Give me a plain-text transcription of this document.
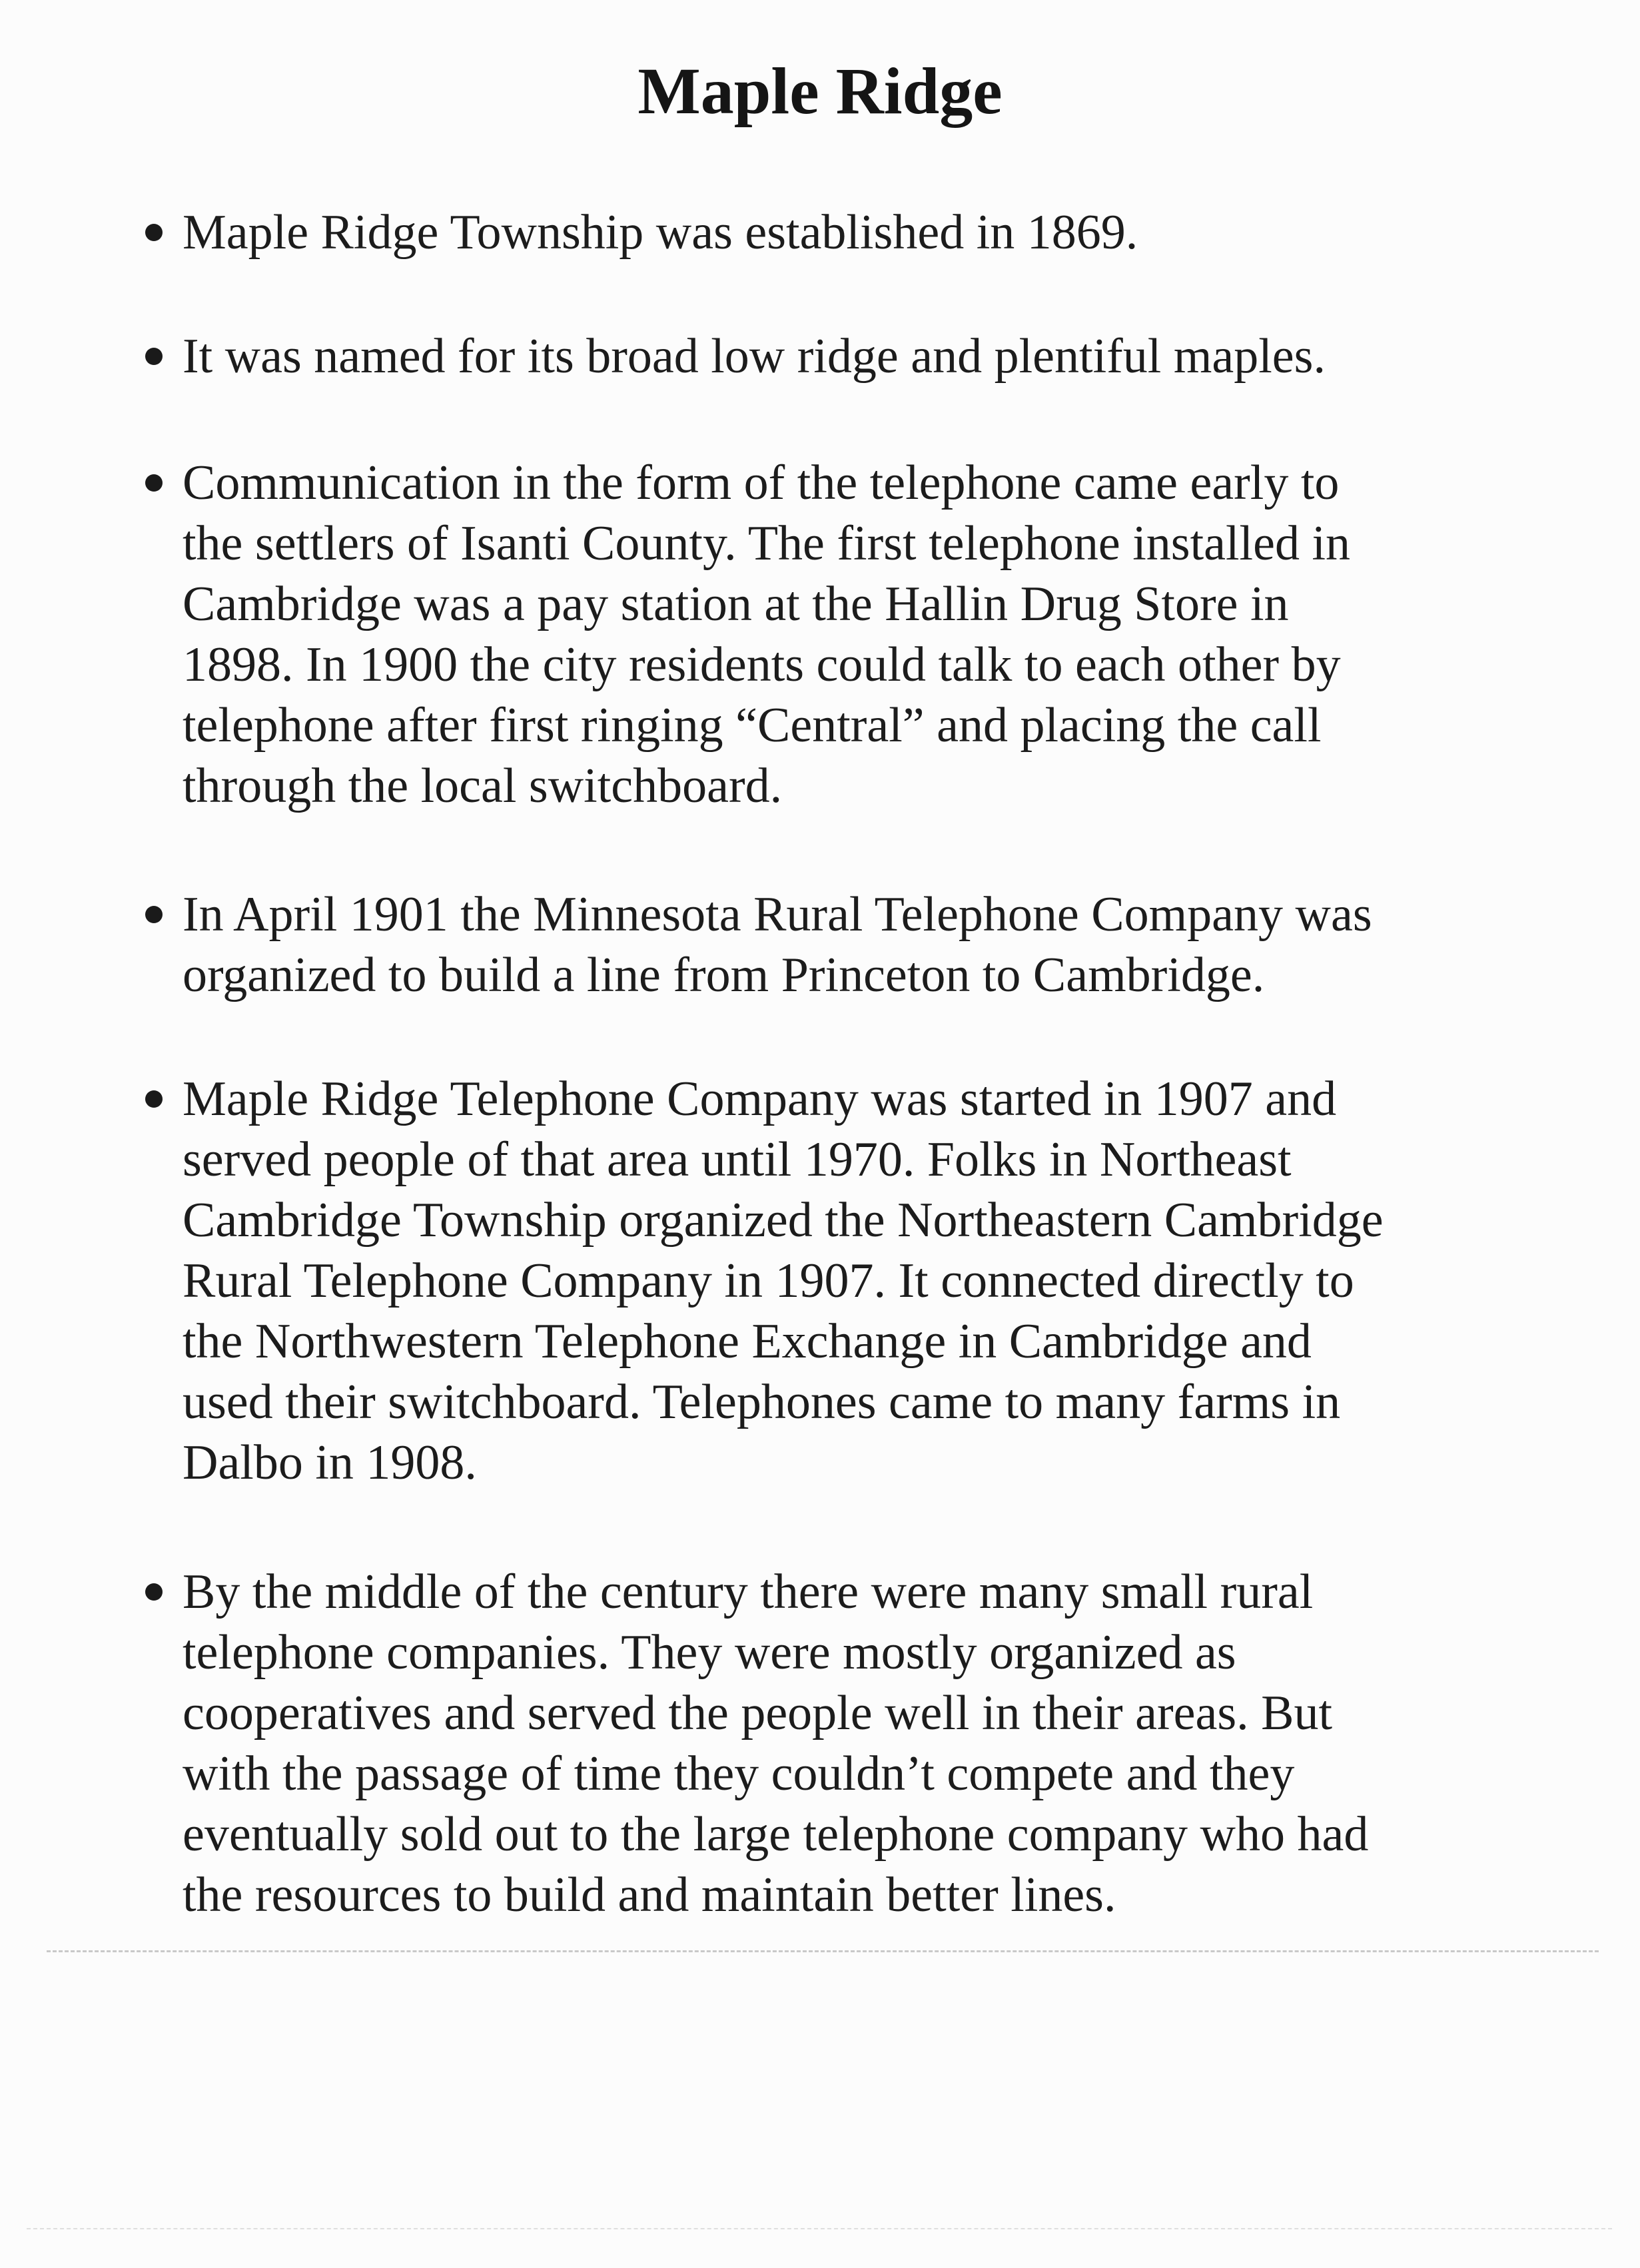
Maple Ridge
Maple Ridge Township was established in 1869.
It was named for its broad low ridge and plentiful maples.
Communication in the form of the telephone came early to
the settlers of Isanti County. The first telephone installed in
Cambridge was a pay station at the Hallin Drug Store in
1898. In 1900 the city residents could talk to each other by
telephone after first ringing “Central” and placing the call
through the local switchboard.
In April 1901 the Minnesota Rural Telephone Company was
organized to build a line from Princeton to Cambridge.
Maple Ridge Telephone Company was started in 1907 and
served people of that area until 1970. Folks in Northeast
Cambridge Township organized the Northeastern Cambridge
Rural Telephone Company in 1907. It connected directly to
the Northwestern Telephone Exchange in Cambridge and
used their switchboard. Telephones came to many farms in
Dalbo in 1908.
By the middle of the century there were many small rural
telephone companies. They were mostly organized as
cooperatives and served the people well in their areas. But
with the passage of time they couldn’t compete and they
eventually sold out to the large telephone company who had
the resources to build and maintain better lines.
